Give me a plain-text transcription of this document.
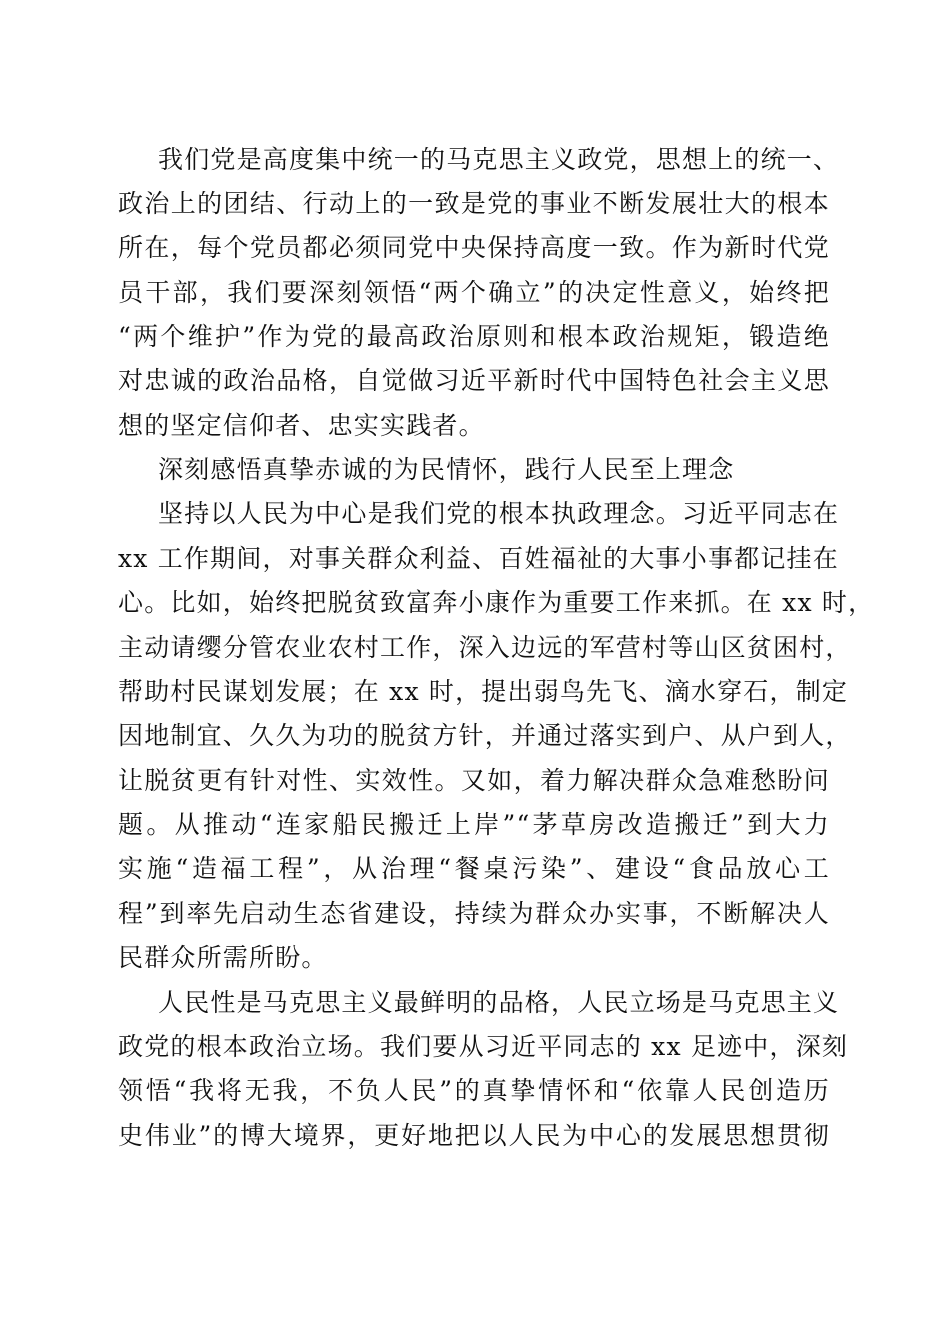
我们党是高度集中统一的马克思主义政党，思想上的统一、
政治上的团结、行动上的一致是党的事业不断发展壮大的根本
所在，每个党员都必须同党中央保持高度一致。作为新时代党
员干部，我们要深刻领悟“两个确立”的决定性意义，始终把
“两个维护”作为党的最高政治原则和根本政治规矩，锻造绝
对忠诚的政治品格，自觉做习近平新时代中国特色社会主义思
想的坚定信仰者、忠实实践者。
深刻感悟真挚赤诚的为民情怀，践行人民至上理念
坚持以人民为中心是我们党的根本执政理念。习近平同志在
xx 工作期间，对事关群众利益、百姓福祉的大事小事都记挂在
心。比如，始终把脱贫致富奔小康作为重要工作来抓。在 xx 时，
主动请缨分管农业农村工作，深入边远的军营村等山区贫困村，
帮助村民谋划发展；在 xx 时，提出弱鸟先飞、滴水穿石，制定
因地制宜、久久为功的脱贫方针，并通过落实到户、从户到人，
让脱贫更有针对性、实效性。又如，着力解决群众急难愁盼问
题。从推动“连家船民搬迁上岸”“茅草房改造搬迁”到大力
实施“造福工程”，从治理“餐桌污染”、建设“食品放心工
程”到率先启动生态省建设，持续为群众办实事，不断解决人
民群众所需所盼。
人民性是马克思主义最鲜明的品格，人民立场是马克思主义
政党的根本政治立场。我们要从习近平同志的 xx 足迹中，深刻
领悟“我将无我，不负人民”的真挚情怀和“依靠人民创造历
史伟业”的博大境界，更好地把以人民为中心的发展思想贯彻
